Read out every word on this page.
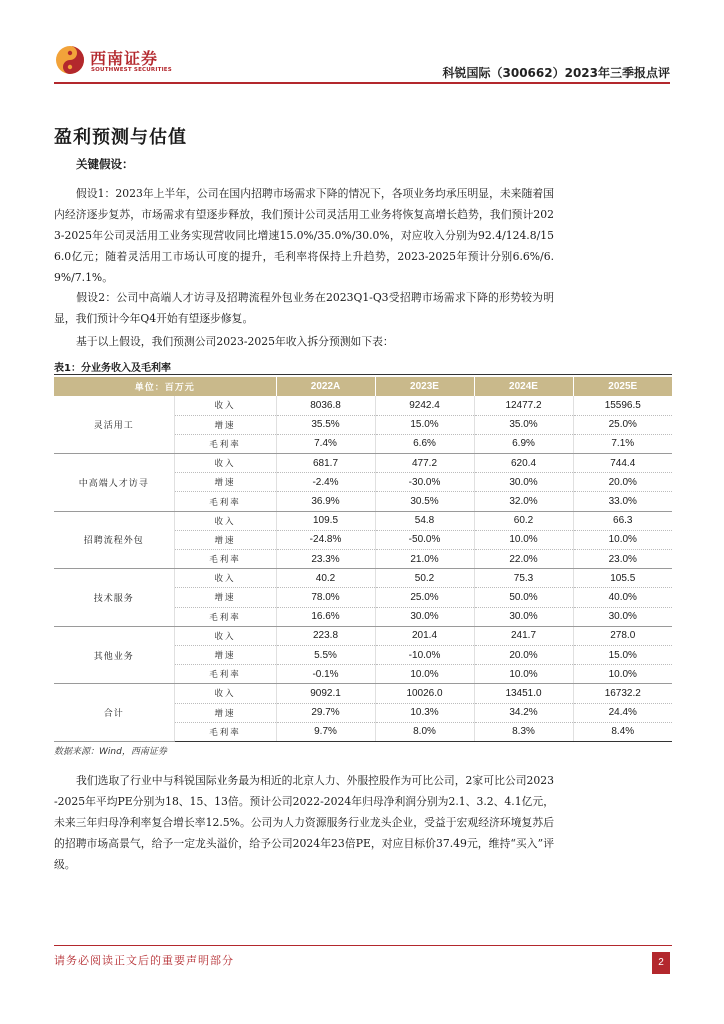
西南证券
SOUTHWEST SECURITIES	科锐国际（300662）2023年三季报点评
盈利预测与估值
关键假设：
假设1：2023年上半年，公司在国内招聘市场需求下降的情况下，各项业务均承压明显，未来随着国内经济逐步复苏，市场需求有望逐步释放，我们预计公司灵活用工业务将恢复高增长趋势，我们预计2023-2025年公司灵活用工业务实现营收同比增速15.0%/35.0%/30.0%，对应收入分别为92.4/124.8/156.0亿元；随着灵活用工市场认可度的提升，毛利率将保持上升趋势，2023-2025年预计分别6.6%/6.9%/7.1%。
假设2：公司中高端人才访寻及招聘流程外包业务在2023Q1-Q3受招聘市场需求下降的形势较为明显，我们预计今年Q4开始有望逐步修复。
基于以上假设，我们预测公司2023-2025年收入拆分预测如下表：
表1：分业务收入及毛利率
单位：百万元		2022A	2023E	2024E	2025E
灵活用工	收入	8036.8	9242.4	12477.2	15596.5
	增速	35.5%	15.0%	35.0%	25.0%
	毛利率	7.4%	6.6%	6.9%	7.1%
中高端人才访寻	收入	681.7	477.2	620.4	744.4
	增速	-2.4%	-30.0%	30.0%	20.0%
	毛利率	36.9%	30.5%	32.0%	33.0%
招聘流程外包	收入	109.5	54.8	60.2	66.3
	增速	-24.8%	-50.0%	10.0%	10.0%
	毛利率	23.3%	21.0%	22.0%	23.0%
技术服务	收入	40.2	50.2	75.3	105.5
	增速	78.0%	25.0%	50.0%	40.0%
	毛利率	16.6%	30.0%	30.0%	30.0%
其他业务	收入	223.8	201.4	241.7	278.0
	增速	5.5%	-10.0%	20.0%	15.0%
	毛利率	-0.1%	10.0%	10.0%	10.0%
合计	收入	9092.1	10026.0	13451.0	16732.2
	增速	29.7%	10.3%	34.2%	24.4%
	毛利率	9.7%	8.0%	8.3%	8.4%
数据来源：Wind，西南证券
我们选取了行业中与科锐国际业务最为相近的北京人力、外服控股作为可比公司，2家可比公司2023-2025年平均PE分别为18、15、13倍。预计公司2022-2024年归母净利润分别为2.1、3.2、4.1亿元，未来三年归母净利率复合增长率12.5%。公司为人力资源服务行业龙头企业，受益于宏观经济环境复苏后的招聘市场高景气，给予一定龙头溢价，给予公司2024年23倍PE，对应目标价37.49元，维持“买入”评级。
请务必阅读正文后的重要声明部分	2
